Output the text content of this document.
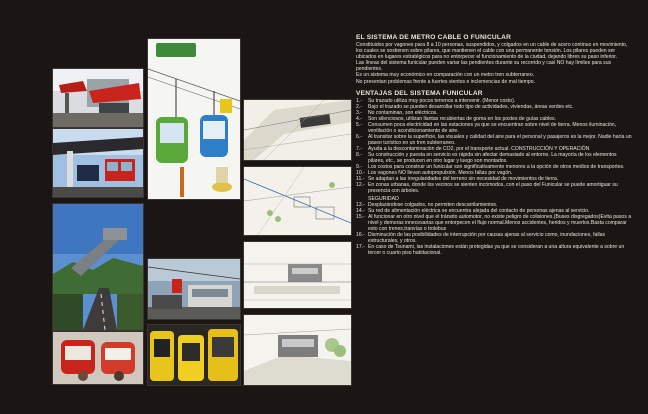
EL SISTEMA DE METRO CABLE O FUNICULAR

Constituidos por vagones para 8 a 10 personas, suspendidos, y colgados en un cable de acero continuo en movimiento, los cuales se sostienen sobre pilares, que mantienen el cable con una permanente tensión. Los pilares pueden ser ubicados en lugares estratégicos para no entorpecer el funcionamiento de la ciudad, dejando libres su paso inferior.

Las líneas del sistema funicular pueden variar las pendientes durante su recorrido y casi NO hay límites para sus pendientes.

Es un sistema muy económico en comparación con un metro tren subterraneo.

No presentan problemas frente a fuertes vientos e inclemencias de mal tiempo.

VENTAJAS DEL SISTEMA FUNICULAR
1.-	Su trazado utiliza muy pocos terrenos a intervenir. (Menor costo).
2.-	Bajo el trazado se pueden desarrollar todo tipo de actividades, viviendas, áreas verdes etc.
3.-	No contaminan, son eléctricos.
4.-	Son silenciosos, utilizan llantas recubiertas de goma en los postes de guías cables.
5.-	Consumen poca electricidad en las estaciones ya que se encuentran sobre nivel de tierra. Menos iluminación, ventilación o acondicionamiento de aire.
6.-	Al transitar sobre la superficie, las visuales y calidad del aire para el personal y pasajeros es la mejor. Nadie haría un paseo turístico en un tren subterraneo.
7.-	Ayuda a la descontaminación de CO2, por el transporte actual. CONSTRUCCIÓN Y OPERACIÓN
8.-	Su construcción y puesta en servicio es rápida sin afectar demasiado al entorno. La mayoría de los elementos pilares, etc., se producen en otro lugar y luego son montados.
9.-	Los costos para construir un funicular son significativamente menores a la opción de otros medios de transportes.
10.- Los vagones NO llevan autopropulsión. Menos fallas por vagón.
11.- Se adaptan a las irregularidades del terreno sin necesidad de movimientos de tierra.
12.- En zonas urbanas, donde los vecinos se sienten incómodos, con el paso del Funicular se puede amortiguar su presencia con árboles.
SEGURIDAD
13.- Desplazándose colgados, no permiten descarrilamientos.
14.- Su red de alimentación eléctrica se encuentra alejada del contacto de personas ajenas al servicio.
15.- Al funcionar en otro nivel que el tránsito automotor, no existe peligro de colisiones.(Buses disgregados)Evita pasos a nivel y demoras innecesarias que entorpecen el flujo normal.Menos accidentes, heridos y muertos.Basta comparar esto con trenes,tranvías o trolebus
16.- Disminución de las posibilidades de interrupción por causas ajenas al servicio como, inundaciones, fallas estructurales, y otros.
17.- En caso de Tsunami, las instalaciones están protegidas ya que se consideran a una altura equivalente a sobre un tercer o cuarto piso habitacional.
